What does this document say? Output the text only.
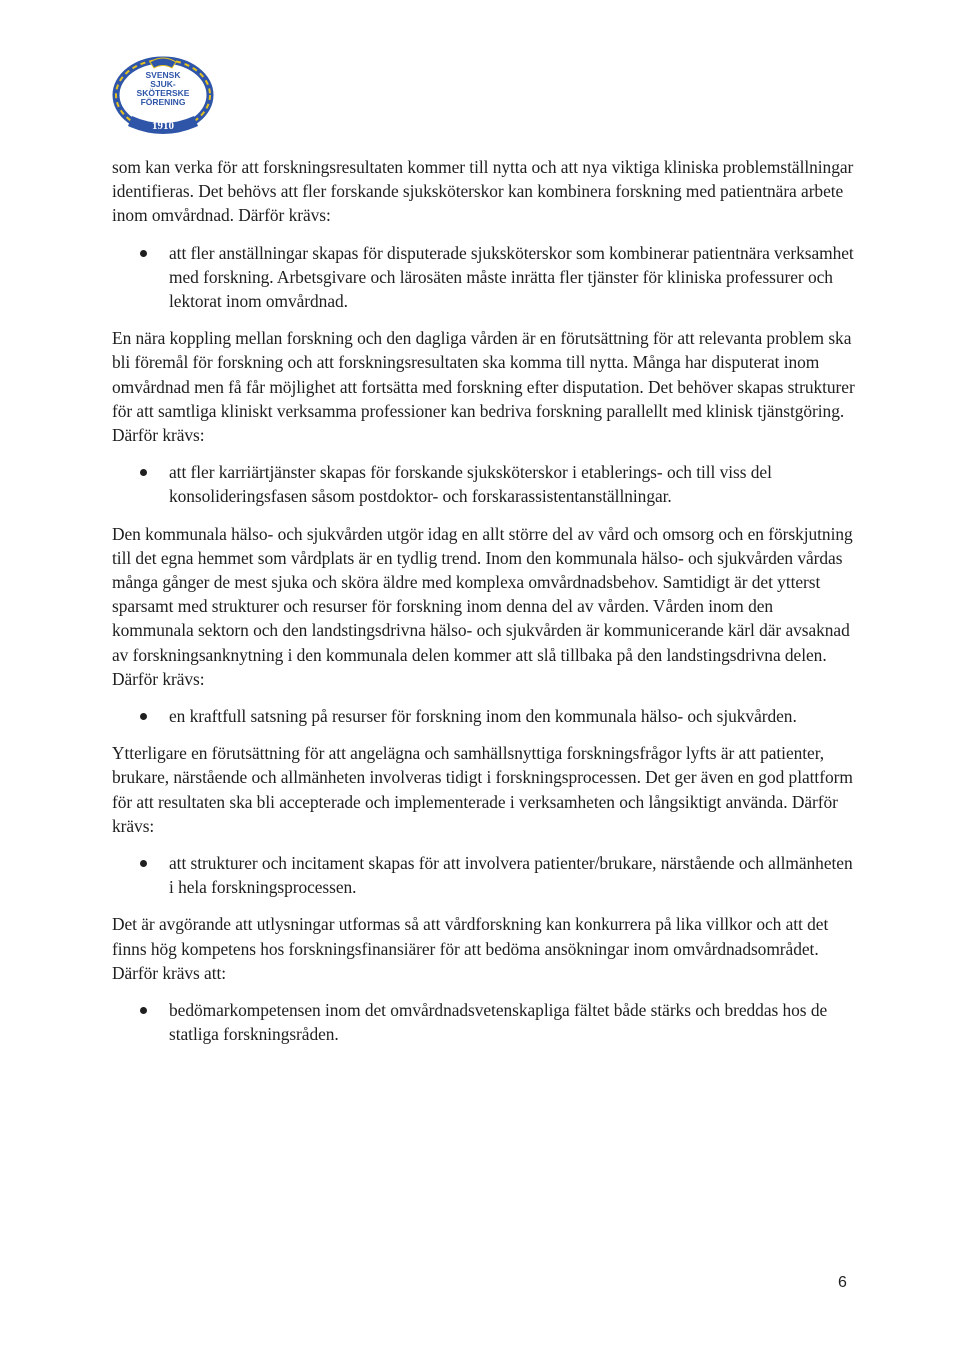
SVENSK
SJUK-
SKÖTERSKE
FÖRENING
1910

som kan verka för att forskningsresultaten kommer till nytta och att nya viktiga kliniska problemställningar identifieras. Det behövs att fler forskande sjuksköterskor kan kombinera forskning med patientnära arbete inom omvårdnad. Därför krävs:

att fler anställningar skapas för disputerade sjuksköterskor som kombinerar patientnära verksamhet med forskning. Arbetsgivare och lärosäten måste inrätta fler tjänster för kliniska professurer och lektorat inom omvårdnad.

En nära koppling mellan forskning och den dagliga vården är en förutsättning för att relevanta problem ska bli föremål för forskning och att forskningsresultaten ska komma till nytta. Många har disputerat inom omvårdnad men få får möjlighet att fortsätta med forskning efter disputation. Det behöver skapas strukturer för att samtliga kliniskt verksamma professioner kan bedriva forskning parallellt med klinisk tjänstgöring. Därför krävs:

att fler karriärtjänster skapas för forskande sjuksköterskor i etablerings- och till viss del konsolideringsfasen såsom postdoktor- och forskarassistentanställningar.

Den kommunala hälso- och sjukvården utgör idag en allt större del av vård och omsorg och en förskjutning till det egna hemmet som vårdplats är en tydlig trend. Inom den kommunala hälso- och sjukvården vårdas många gånger de mest sjuka och sköra äldre med komplexa omvårdnadsbehov. Samtidigt är det ytterst sparsamt med strukturer och resurser för forskning inom denna del av vården. Vården inom den kommunala sektorn och den landstingsdrivna hälso- och sjukvården är kommunicerande kärl där avsaknad av forskningsanknytning i den kommunala delen kommer att slå tillbaka på den landstingsdrivna delen. Därför krävs:

en kraftfull satsning på resurser för forskning inom den kommunala hälso- och sjukvården.

Ytterligare en förutsättning för att angelägna och samhällsnyttiga forskningsfrågor lyfts är att patienter, brukare, närstående och allmänheten involveras tidigt i forskningsprocessen. Det ger även en god plattform för att resultaten ska bli accepterade och implementerade i verksamheten och långsiktigt använda. Därför krävs:

att strukturer och incitament skapas för att involvera patienter/brukare, närstående och allmänheten i hela forskningsprocessen.

Det är avgörande att utlysningar utformas så att vårdforskning kan konkurrera på lika villkor och att det finns hög kompetens hos forskningsfinansiärer för att bedöma ansökningar inom omvårdnadsområdet. Därför krävs att:

bedömarkompetensen inom det omvårdnadsvetenskapliga fältet både stärks och breddas hos de statliga forskningsråden.
6
